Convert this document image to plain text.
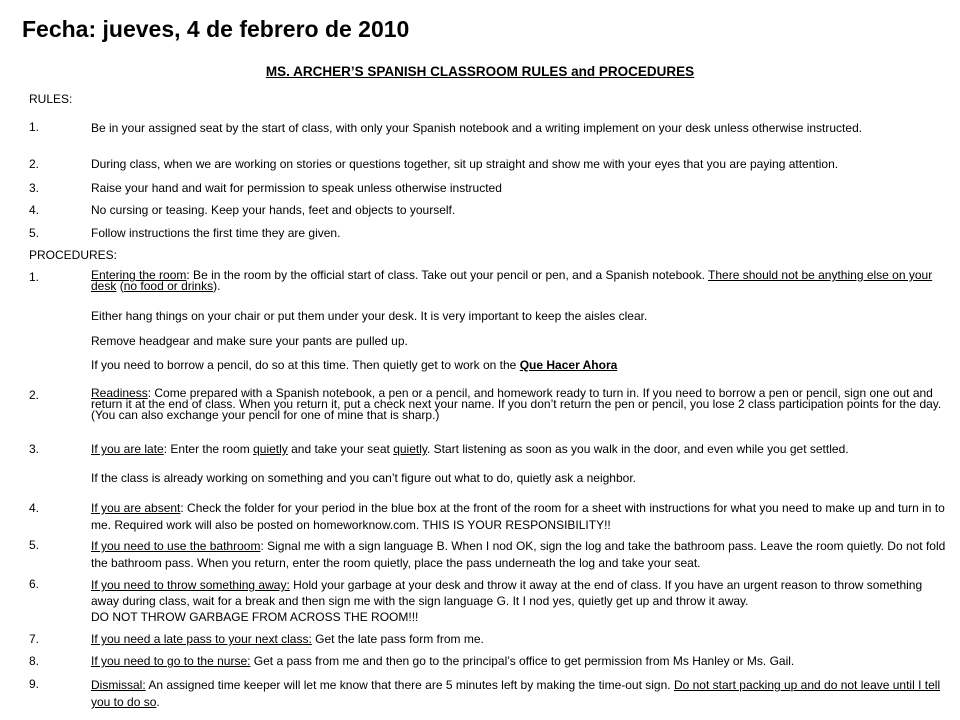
Fecha: jueves, 4 de febrero de 2010
MS. ARCHER’S SPANISH CLASSROOM RULES and PROCEDURES
RULES:
1.	Be in your assigned seat by the start of class, with only your Spanish notebook and a writing implement on your desk unless otherwise instructed.
2.	During class, when we are working on stories or questions together, sit up straight and show me with your eyes that you are paying attention.
3.	Raise your hand and wait for permission to speak unless otherwise instructed
4.	No cursing or teasing. Keep your hands, feet and objects to yourself.
5.	Follow instructions the first time they are given.
PROCEDURES:
1.	Entering the room: Be in the room by the official start of class. Take out your pencil or pen, and a Spanish notebook. There should not be anything else on your desk (no food or drinks).
Either hang things on your chair or put them under your desk. It is very important to keep the aisles clear.
Remove headgear and make sure your pants are pulled up.
If you need to borrow a pencil, do so at this time. Then quietly get to work on the Que Hacer Ahora
2.	Readiness: Come prepared with a Spanish notebook, a pen or a pencil, and homework ready to turn in. If you need to borrow a pen or pencil, sign one out and return it at the end of class. When you return it, put a check next your name. If you don’t return the pen or pencil, you lose 2 class participation points for the day.
(You can also exchange your pencil for one of mine that is sharp.)
3.	If you are late: Enter the room quietly and take your seat quietly. Start listening as soon as you walk in the door, and even while you get settled.
If the class is already working on something and you can’t figure out what to do, quietly ask a neighbor.
4.	If you are absent: Check the folder for your period in the blue box at the front of the room for a sheet with instructions for what you need to make up and turn in to me. Required work will also be posted on homeworknow.com. THIS IS YOUR RESPONSIBILITY!!
5.	If you need to use the bathroom: Signal me with a sign language B. When I nod OK, sign the log and take the bathroom pass. Leave the room quietly. Do not fold the bathroom pass. When you return, enter the room quietly, place the pass underneath the log and take your seat.
6.	If you need to throw something away: Hold your garbage at your desk and throw it away at the end of class. If you have an urgent reason to throw something away during class, wait for a break and then sign me with the sign language G. It I nod yes, quietly get up and throw it away.
DO NOT THROW GARBAGE FROM ACROSS THE ROOM!!!
7.	If you need a late pass to your next class: Get the late pass form from me.
8.	If you need to go to the nurse: Get a pass from me and then go to the principal’s office to get permission from Ms Hanley or Ms. Gail.
9.	Dismissal: An assigned time keeper will let me know that there are 5 minutes left by making the time-out sign. Do not start packing up and do not leave until I tell you to do so.
